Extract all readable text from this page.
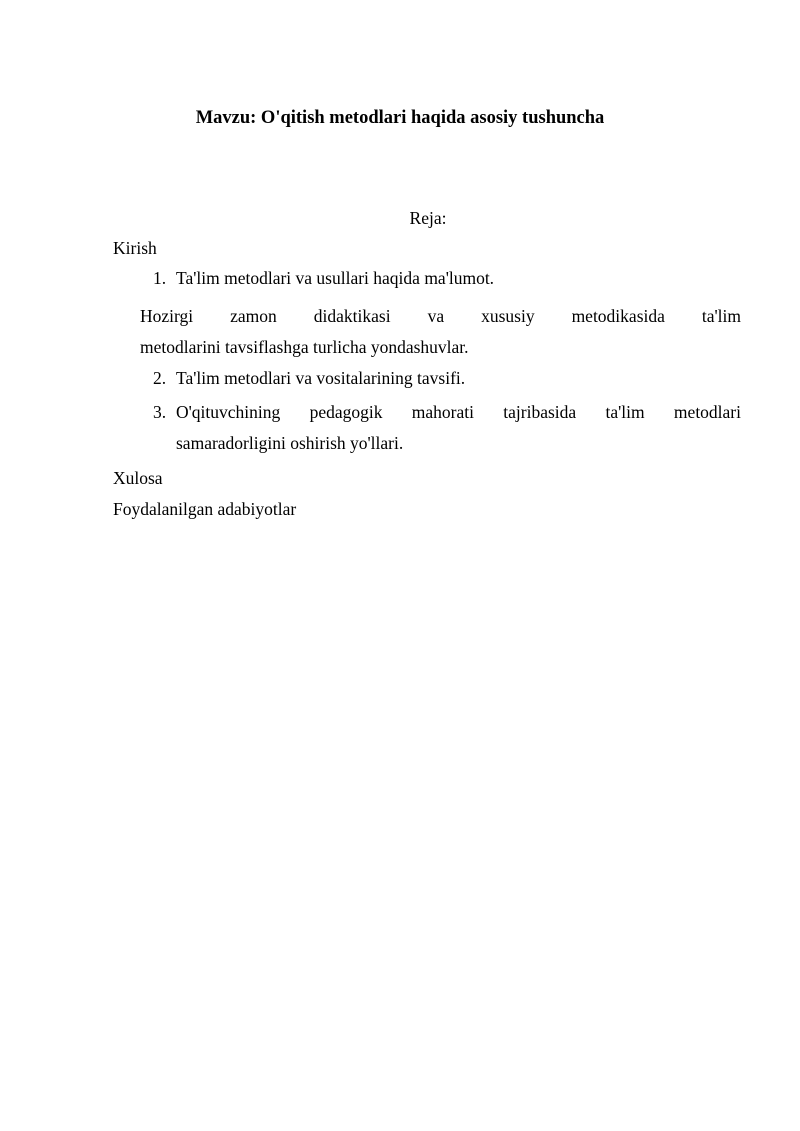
Mavzu: O'qitish metodlari haqida asosiy tushuncha

Reja:

Kirish

1. Ta'lim metodlari va usullari haqida ma'lumot.

Hozirgi zamon didaktikasi va xususiy metodikasida ta'lim

metodlarini tavsiflashga turlicha yondashuvlar.

2. Ta'lim metodlari va vositalarining tavsifi.

3. O'qituvchining pedagogik mahorati tajribasida ta'lim metodlari

samaradorligini oshirish yo'llari.

Xulosa

Foydalanilgan adabiyotlar
